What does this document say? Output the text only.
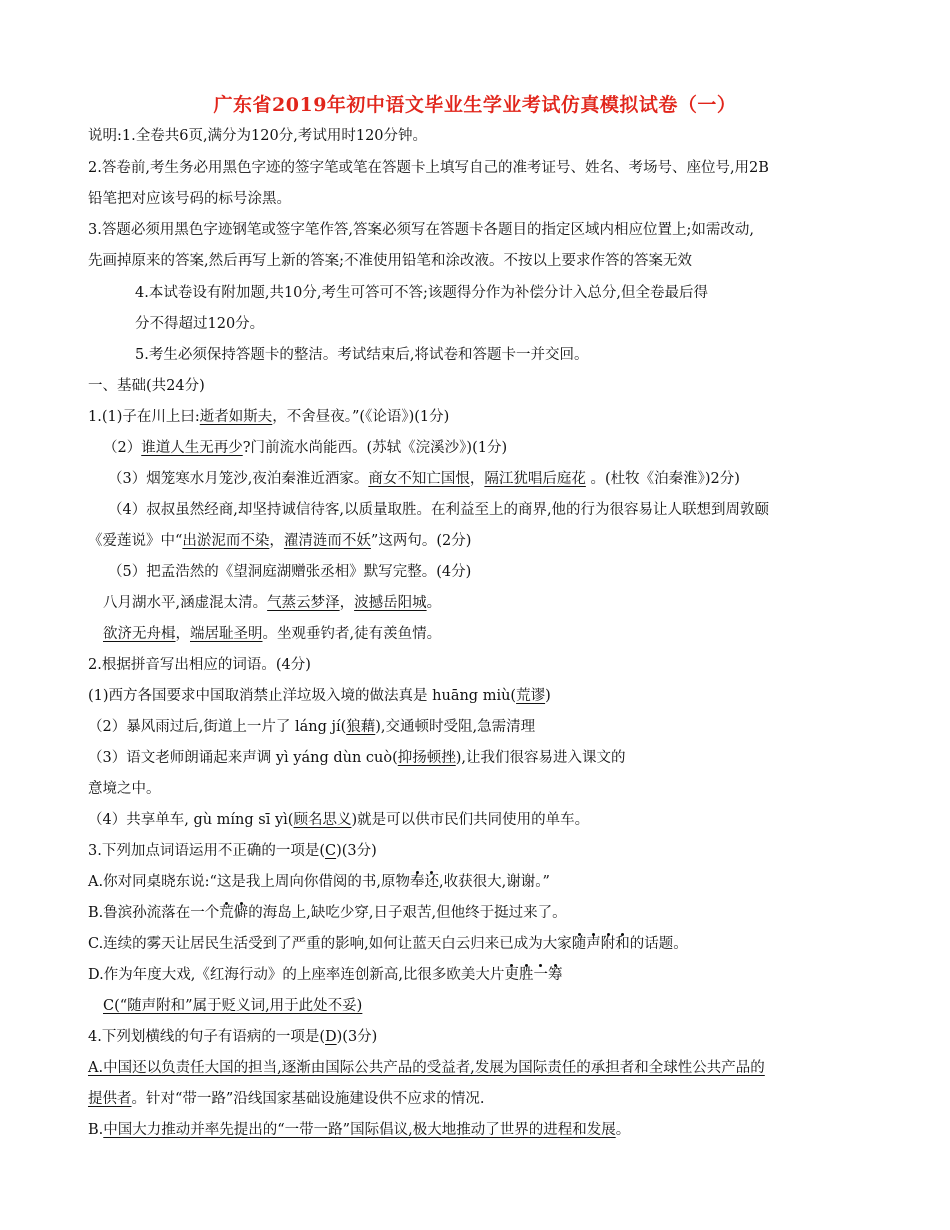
广东省2019年初中语文毕业生学业考试仿真模拟试卷（一）
说明:1.全卷共6页,满分为120分,考试用时120分钟。
2.答卷前,考生务必用黑色字迹的签字笔或笔在答题卡上填写自己的准考证号、姓名、考场号、座位号,用2B
铅笔把对应该号码的标号涂黑。
3.答题必须用黑色字迹钢笔或签字笔作答,答案必须写在答题卡各题目的指定区域内相应位置上;如需改动,
先画掉原来的答案,然后再写上新的答案;不准使用铅笔和涂改液。不按以上要求作答的答案无效
4.本试卷设有附加题,共10分,考生可答可不答;该题得分作为补偿分计入总分,但全卷最后得
分不得超过120分。
5.考生必须保持答题卡的整洁。考试结束后,将试卷和答题卡一并交回。
一、基础(共24分)
1.(1)子在川上曰:逝者如斯夫，不舍昼夜。”(《论语》)(1分)
（2）谁道人生无再少?门前流水尚能西。(苏轼《浣溪沙》)(1分)
（3）烟笼寒水月笼沙,夜泊秦淮近酒家。商女不知亡国恨，隔江犹唱后庭花 。(杜牧《泊秦淮》)2分)
（4）叔叔虽然经商,却坚持诚信待客,以质量取胜。在利益至上的商界,他的行为很容易让人联想到周敦颐
《爱莲说》中“出淤泥而不染，濯清涟而不妖”这两句。(2分)
（5）把孟浩然的《望洞庭湖赠张丞相》默写完整。(4分)
八月湖水平,涵虚混太清。气蒸云梦泽，波撼岳阳城。
欲济无舟楫，端居耻圣明。坐观垂钓者,徒有羡鱼情。
2.根据拼音写出相应的词语。(4分)
(1)西方各国要求中国取消禁止洋垃圾入境的做法真是 huāng miù(荒谬)
（2）暴风雨过后,街道上一片了 láng jí(狼藉),交通顿时受阻,急需清理
（3）语文老师朗诵起来声调 yì yáng dùn cuò(抑扬顿挫),让我们很容易进入课文的
意境之中。
（4）共享单车, gù míng sī yì(顾名思义)就是可以供市民们共同使用的单车。
3.下列加点词语运用不正确的一项是(C)(3分)
A.你对同桌晓东说:“这是我上周向你借阅的书,原物奉还,收获很大,谢谢。”
B.鲁滨孙流落在一个荒僻的海岛上,缺吃少穿,日子艰苦,但他终于挺过来了。
C.连续的雾天让居民生活受到了严重的影响,如何让蓝天白云归来已成为大家随声附和的话题。
D.作为年度大戏,《红海行动》的上座率连创新高,比很多欧美大片更胜一筹
C(“随声附和”属于贬义词,用于此处不妥)
4.下列划横线的句子有语病的一项是(D)(3分)
A.中国还以负责任大国的担当,逐渐由国际公共产品的受益者,发展为国际责任的承担者和全球性公共产品的
提供者。针对“带一路”沿线国家基础设施建设供不应求的情况.
B.中国大力推动并率先提出的“一带一路”国际倡议,极大地推动了世界的进程和发展。
